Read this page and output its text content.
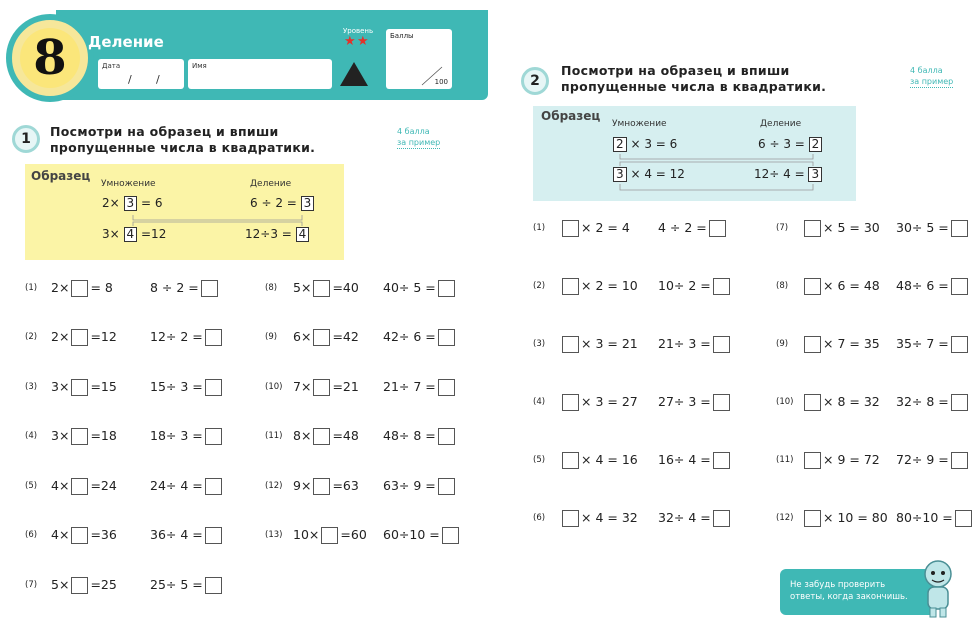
8	Деление
Дата
/ /
Имя
Уровень
★ ★	Баллы
100
1	Посмотри на образец и впиши
пропущенные числа в квадратики.
4 балла
за пример
Образец
Умножение	Деление
2× 3 = 6	6 ÷ 2 = 3
3× 4 =12	12÷3 = 4
(1) 2× = 8	8 ÷ 2 =
(2) 2× =12	12÷ 2 =
(3) 3× =15	15÷ 3 =
(4) 3× =18	18÷ 3 =
(5) 4× =24	24÷ 4 =
(6) 4× =36	36÷ 4 =
(7) 5× =25	25÷ 5 =
(8) 5× =40 40÷ 5 =
(9) 6× =42 42÷ 6 =
(10) 7× =21 21÷ 7 =
(11) 8× =48 48÷ 8 =
(12) 9× =63 63÷ 9 =
(13) 10× =60 60÷10 =
2
Посмотри на образец и впиши
пропущенные числа в квадратики.
4 балла
за пример
Образец
Умножение	Деление
2 × 3 = 6	6 ÷ 3 = 2
3 × 4 = 12	12÷ 4 = 3
(1)	× 2 = 4 4 ÷ 2 =
(2)	× 2 = 10 10÷ 2 =
(3)	× 3 = 21 21÷ 3 =
(4)	× 3 = 27 27÷ 3 =
(5)	× 4 = 16 16÷ 4 =
(6)	× 4 = 32 32÷ 4 =
(7)	× 5 = 30 30÷ 5 =
(8)	× 6 = 48 48÷ 6 =
(9)	× 7 = 35 35÷ 7 =
(10)	× 8 = 32 32÷ 8 =
(11)	× 9 = 72 72÷ 9 =
(12)	× 10 = 80 80÷10 =
Не забудь проверить
ответы, когда закончишь.
